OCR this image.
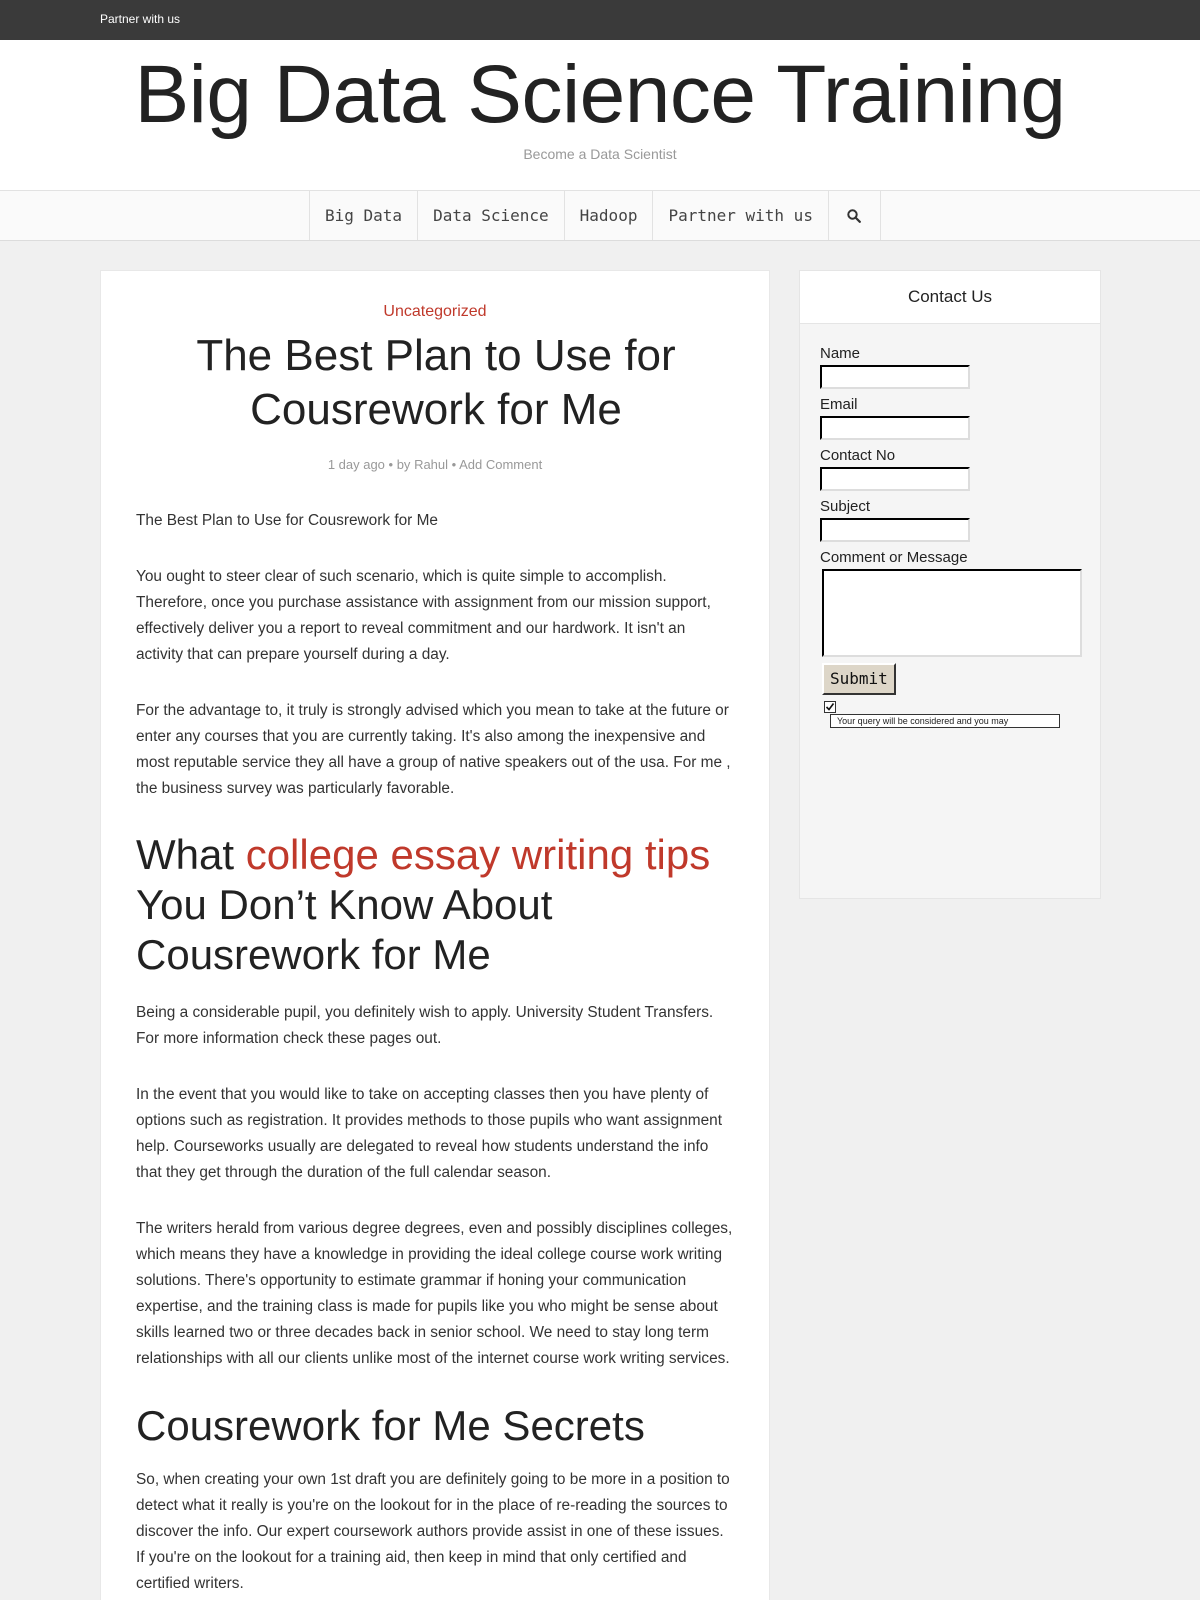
Partner with us
Big Data Science Training
Become a Data Scientist
Big Data	Data Science	Hadoop	Partner with us
Uncategorized
The Best Plan to Use for Cousrework for Me
1 day ago • by Rahul • Add Comment

The Best Plan to Use for Cousrework for Me

You ought to steer clear of such scenario, which is quite simple to accomplish. Therefore, once you purchase assistance with assignment from our mission support, effectively deliver you a report to reveal commitment and our hardwork. It isn't an activity that can prepare yourself during a day.

For the advantage to, it truly is strongly advised which you mean to take at the future or enter any courses that you are currently taking. It's also among the inexpensive and most reputable service they all have a group of native speakers out of the usa. For me , the business survey was particularly favorable.

What college essay writing tips You Don’t Know About Cousrework for Me

Being a considerable pupil, you definitely wish to apply. University Student Transfers. For more information check these pages out.

In the event that you would like to take on accepting classes then you have plenty of options such as registration. It provides methods to those pupils who want assignment help. Courseworks usually are delegated to reveal how students understand the info that they get through the duration of the full calendar season.

The writers herald from various degree degrees, even and possibly disciplines colleges, which means they have a knowledge in providing the ideal college course work writing solutions. There's opportunity to estimate grammar if honing your communication expertise, and the training class is made for pupils like you who might be sense about skills learned two or three decades back in senior school. We need to stay long term relationships with all our clients unlike most of the internet course work writing services.

Cousrework for Me Secrets

So, when creating your own 1st draft you are definitely going to be more in a position to detect what it really is you're on the lookout for in the place of re-reading the sources to discover the info. Our expert coursework authors provide assist in one of these issues. If you're on the lookout for a training aid, then keep in mind that only certified and certified writers.

Contact Us
Name
Email
Contact No
Subject
Comment or Message
Submit
Your query will be considered and you may
